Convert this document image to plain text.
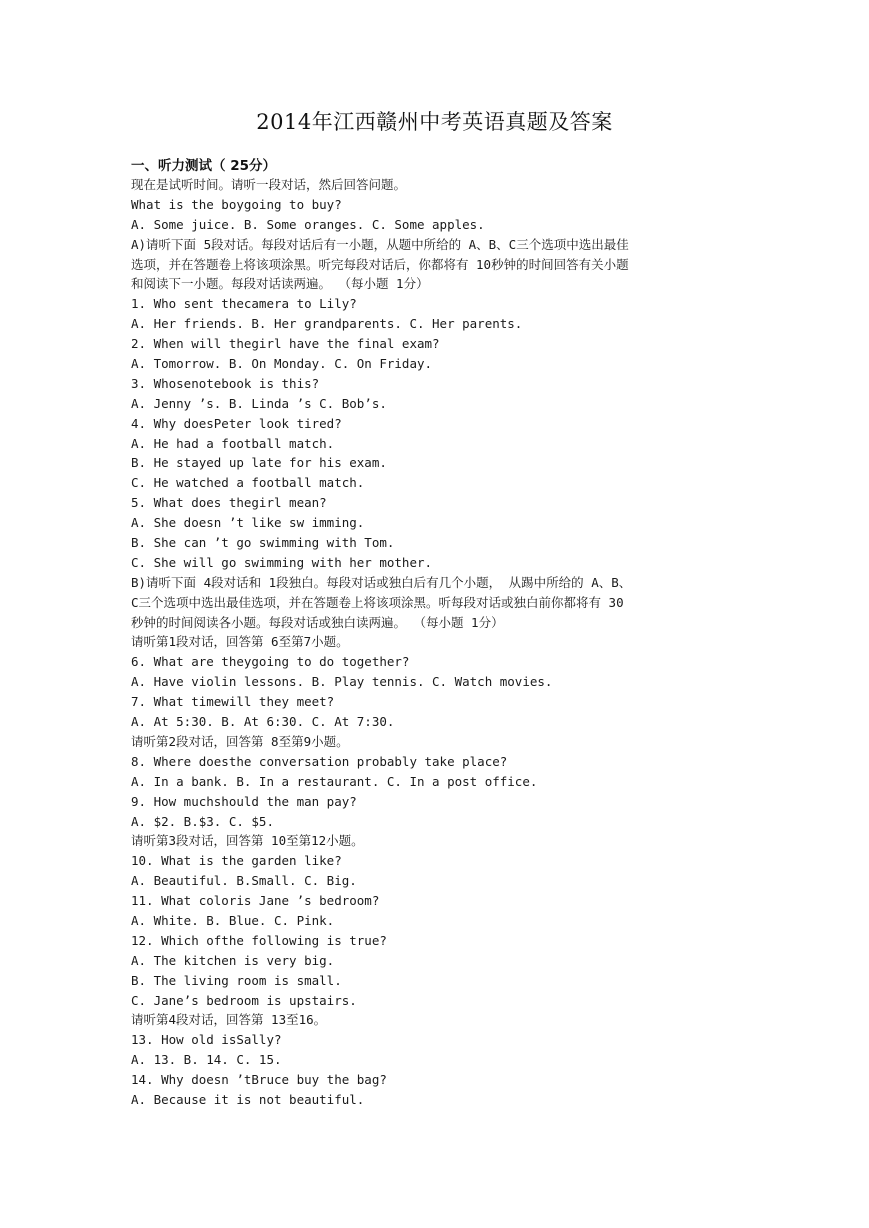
2014年江西赣州中考英语真题及答案
一、听力测试（ 25分）
现在是试听时间。请听一段对话，然后回答问题。
What is the boygoing to buy?
A. Some juice. B. Some oranges. C. Some apples.
A)请听下面 5段对话。每段对话后有一小题，从题中所给的 A、B、C三个选项中选出最佳
选项，并在答题卷上将该项涂黑。听完每段对话后，你都将有 10秒钟的时间回答有关小题
和阅读下一小题。每段对话读两遍。 （每小题 1分）
1. Who sent thecamera to Lily?
A. Her friends. B. Her grandparents. C. Her parents.
2. When will thegirl have the final exam?
A. Tomorrow. B. On Monday. C. On Friday.
3. Whosenotebook is this?
A. Jenny ’s. B. Linda ’s C. Bob’s.
4. Why doesPeter look tired?
A. He had a football match.
B. He stayed up late for his exam.
C. He watched a football match.
5. What does thegirl mean?
A. She doesn ’t like sw imming.
B. She can ’t go swimming with Tom.
C. She will go swimming with her mother.
B)请听下面 4段对话和 1段独白。每段对话或独白后有几个小题， 从踢中所给的 A、B、
C三个选项中选出最佳选项，并在答题卷上将该项涂黑。听每段对话或独白前你都将有 30
秒钟的时间阅读各小题。每段对话或独白读两遍。 （每小题 1分）
请听第1段对话，回答第 6至第7小题。
6. What are theygoing to do together?
A. Have violin lessons. B. Play tennis. C. Watch movies.
7. What timewill they meet?
A. At 5:30. B. At 6:30. C. At 7:30.
请听第2段对话，回答第 8至第9小题。
8. Where doesthe conversation probably take place?
A. In a bank. B. In a restaurant. C. In a post office.
9. How muchshould the man pay?
A. $2. B.$3. C. $5.
请听第3段对话，回答第 10至第12小题。
10. What is the garden like?
A. Beautiful. B.Small. C. Big.
11. What coloris Jane ’s bedroom?
A. White. B. Blue. C. Pink.
12. Which ofthe following is true?
A. The kitchen is very big.
B. The living room is small.
C. Jane’s bedroom is upstairs.
请听第4段对话，回答第 13至16。
13. How old isSally?
A. 13. B. 14. C. 15.
14. Why doesn ’tBruce buy the bag?
A. Because it is not beautiful.
